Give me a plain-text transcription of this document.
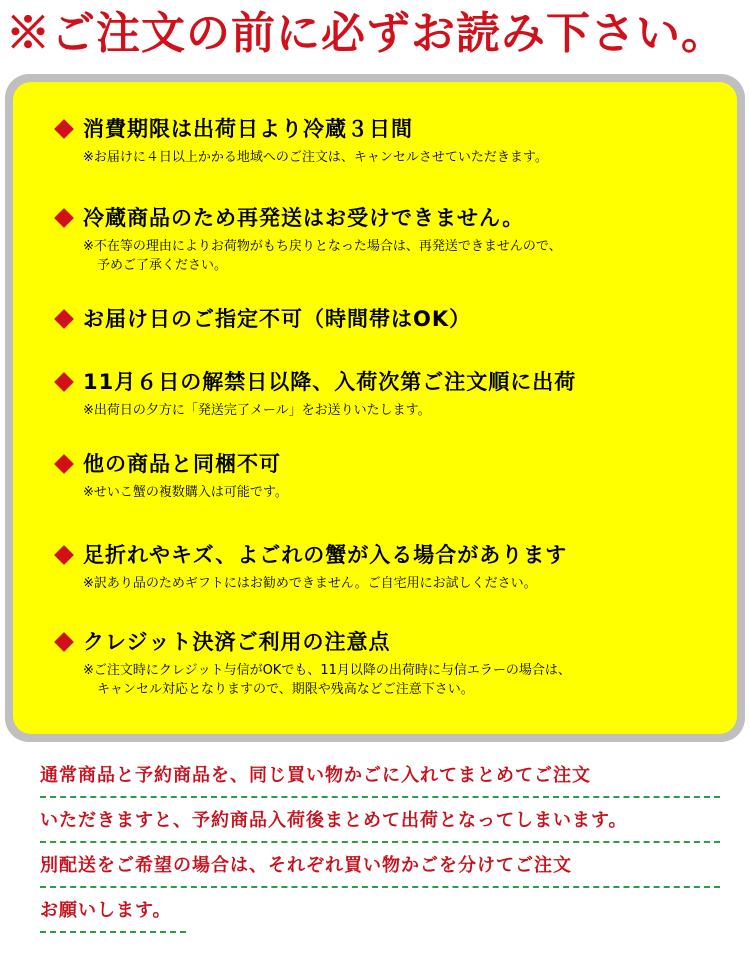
※ご注文の前に必ずお読み下さい。
消費期限は出荷日より冷蔵３日間
※お届けに４日以上かかる地域へのご注文は、キャンセルさせていただきます。
冷蔵商品のため再発送はお受けできません。
※不在等の理由によりお荷物がもち戻りとなった場合は、再発送できませんので、
予めご了承ください。
お届け日のご指定不可（時間帯はOK）
11月６日の解禁日以降、入荷次第ご注文順に出荷
※出荷日の夕方に「発送完了メール」をお送りいたします。
他の商品と同梱不可
※せいこ蟹の複数購入は可能です。
足折れやキズ、よごれの蟹が入る場合があります
※訳あり品のためギフトにはお勧めできません。ご自宅用にお試しください。
クレジット決済ご利用の注意点
※ご注文時にクレジット与信がOKでも、11月以降の出荷時に与信エラーの場合は、
キャンセル対応となりますので、期限や残高などご注意下さい。
通常商品と予約商品を、同じ買い物かごに入れてまとめてご注文
いただきますと、予約商品入荷後まとめて出荷となってしまいます。
別配送をご希望の場合は、それぞれ買い物かごを分けてご注文
お願いします。
